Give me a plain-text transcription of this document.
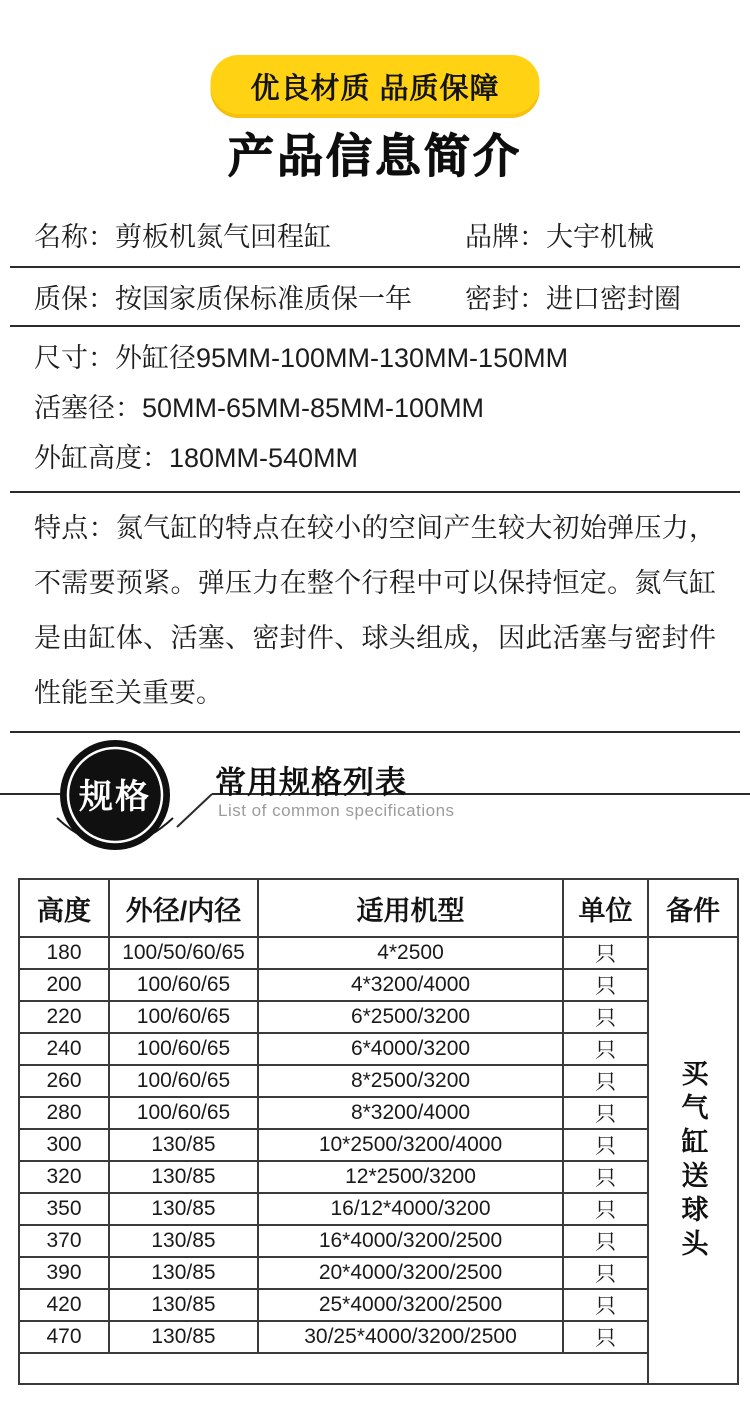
优良材质 品质保障
产品信息简介
名称：剪板机氮气回程缸	品牌：大宇机械
质保：按国家质保标准质保一年	密封：进口密封圈
尺寸：外缸径95MM-100MM-130MM-150MM
活塞径：50MM-65MM-85MM-100MM
外缸高度：180MM-540MM
特点：氮气缸的特点在较小的空间产生较大初始弹压力，不需要预紧。弹压力在整个行程中可以保持恒定。氮气缸是由缸体、活塞、密封件、球头组成，因此活塞与密封件性能至关重要。
规格 常用规格列表
List of common specifications
高度	外径/内径	适用机型	单位	备件
180	100/50/60/65	4*2500	只	买气缸送球头

200	100/60/65	4*3200/4000	只	
220	100/60/65	6*2500/3200	只	
240	100/60/65	6*4000/3200	只	
260	100/60/65	8*2500/3200	只	
280	100/60/65	8*3200/4000	只	
300	130/85	10*2500/3200/4000	只	
320	130/85	12*2500/3200	只	
350	130/85	16/12*4000/3200	只	
370	130/85	16*4000/3200/2500	只	
390	130/85	20*4000/3200/2500	只	
420	130/85	25*4000/3200/2500	只	
470	130/85	30/25*4000/3200/2500	只	
